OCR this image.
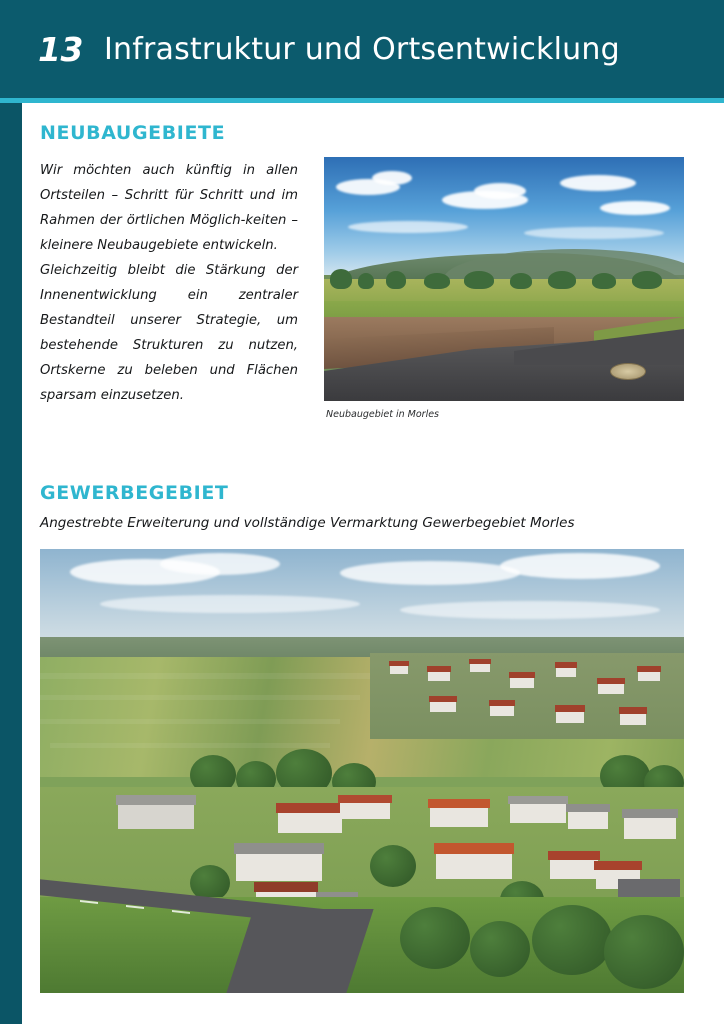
13 Infrastruktur und Ortsentwicklung
NEUBAUGEBIETE

Wir möchten auch künftig in allen Ortsteilen – Schritt für Schritt und im Rahmen der örtlichen Möglich-keiten – kleinere Neubaugebiete entwickeln.

Gleichzeitig bleibt die Stärkung der Innenentwicklung ein zentraler Bestandteil unserer Strategie, um bestehende Strukturen zu nutzen, Ortskerne zu beleben und Flächen sparsam einzusetzen.

Neubaugebiet in Morles
GEWERBEGEBIET
Angestrebte Erweiterung und vollständige Vermarktung Gewerbegebiet Morles
